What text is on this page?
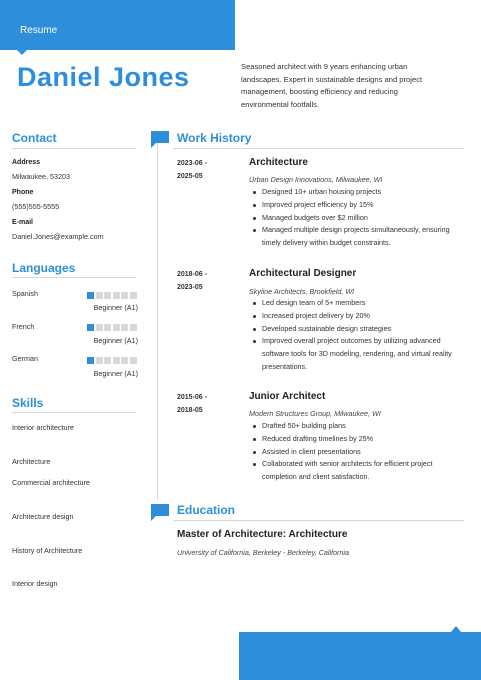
Resume
Daniel Jones	Seasoned architect with 9 years enhancing urban landscapes. Expert in sustainable designs and project management, boosting efficiency and reducing environmental footfalls.
Contact
Address
Milwaukee, 53203
Phone
(555)555-5555
E-mail
Daniel.Jones@example.com
Languages
Spanish
Beginner (A1)
French
Beginner (A1)
German
Beginner (A1)
Skills
Interior architecture
Architecture
Commercial architecture
Architecture design
History of Architecture
Interior design
Work History
2023-06 -
2025-05
Architecture
Urban Design Innovations, Milwaukee, WI
Designed 10+ urban housing projects
Improved project efficiency by 15%
Managed budgets over $2 million
Managed multiple design projects simultaneously, ensuring timely delivery within budget constraints.
2018-06 -
2023-05
Architectural Designer
Skyline Architects, Brookfield, WI
Led design team of 5+ members
Increased project delivery by 20%
Developed sustainable design strategies
Improved overall project outcomes by utilizing advanced software tools for 3D modeling, rendering, and virtual reality presentations.
2015-06 -
2018-05
Junior Architect
Modern Structures Group, Milwaukee, WI
Drafted 50+ building plans
Reduced drafting timelines by 25%
Assisted in client presentations
Collaborated with senior architects for efficient project completion and client satisfaction.
Education
Master of Architecture: Architecture
University of California, Berkeley - Berkeley, California
